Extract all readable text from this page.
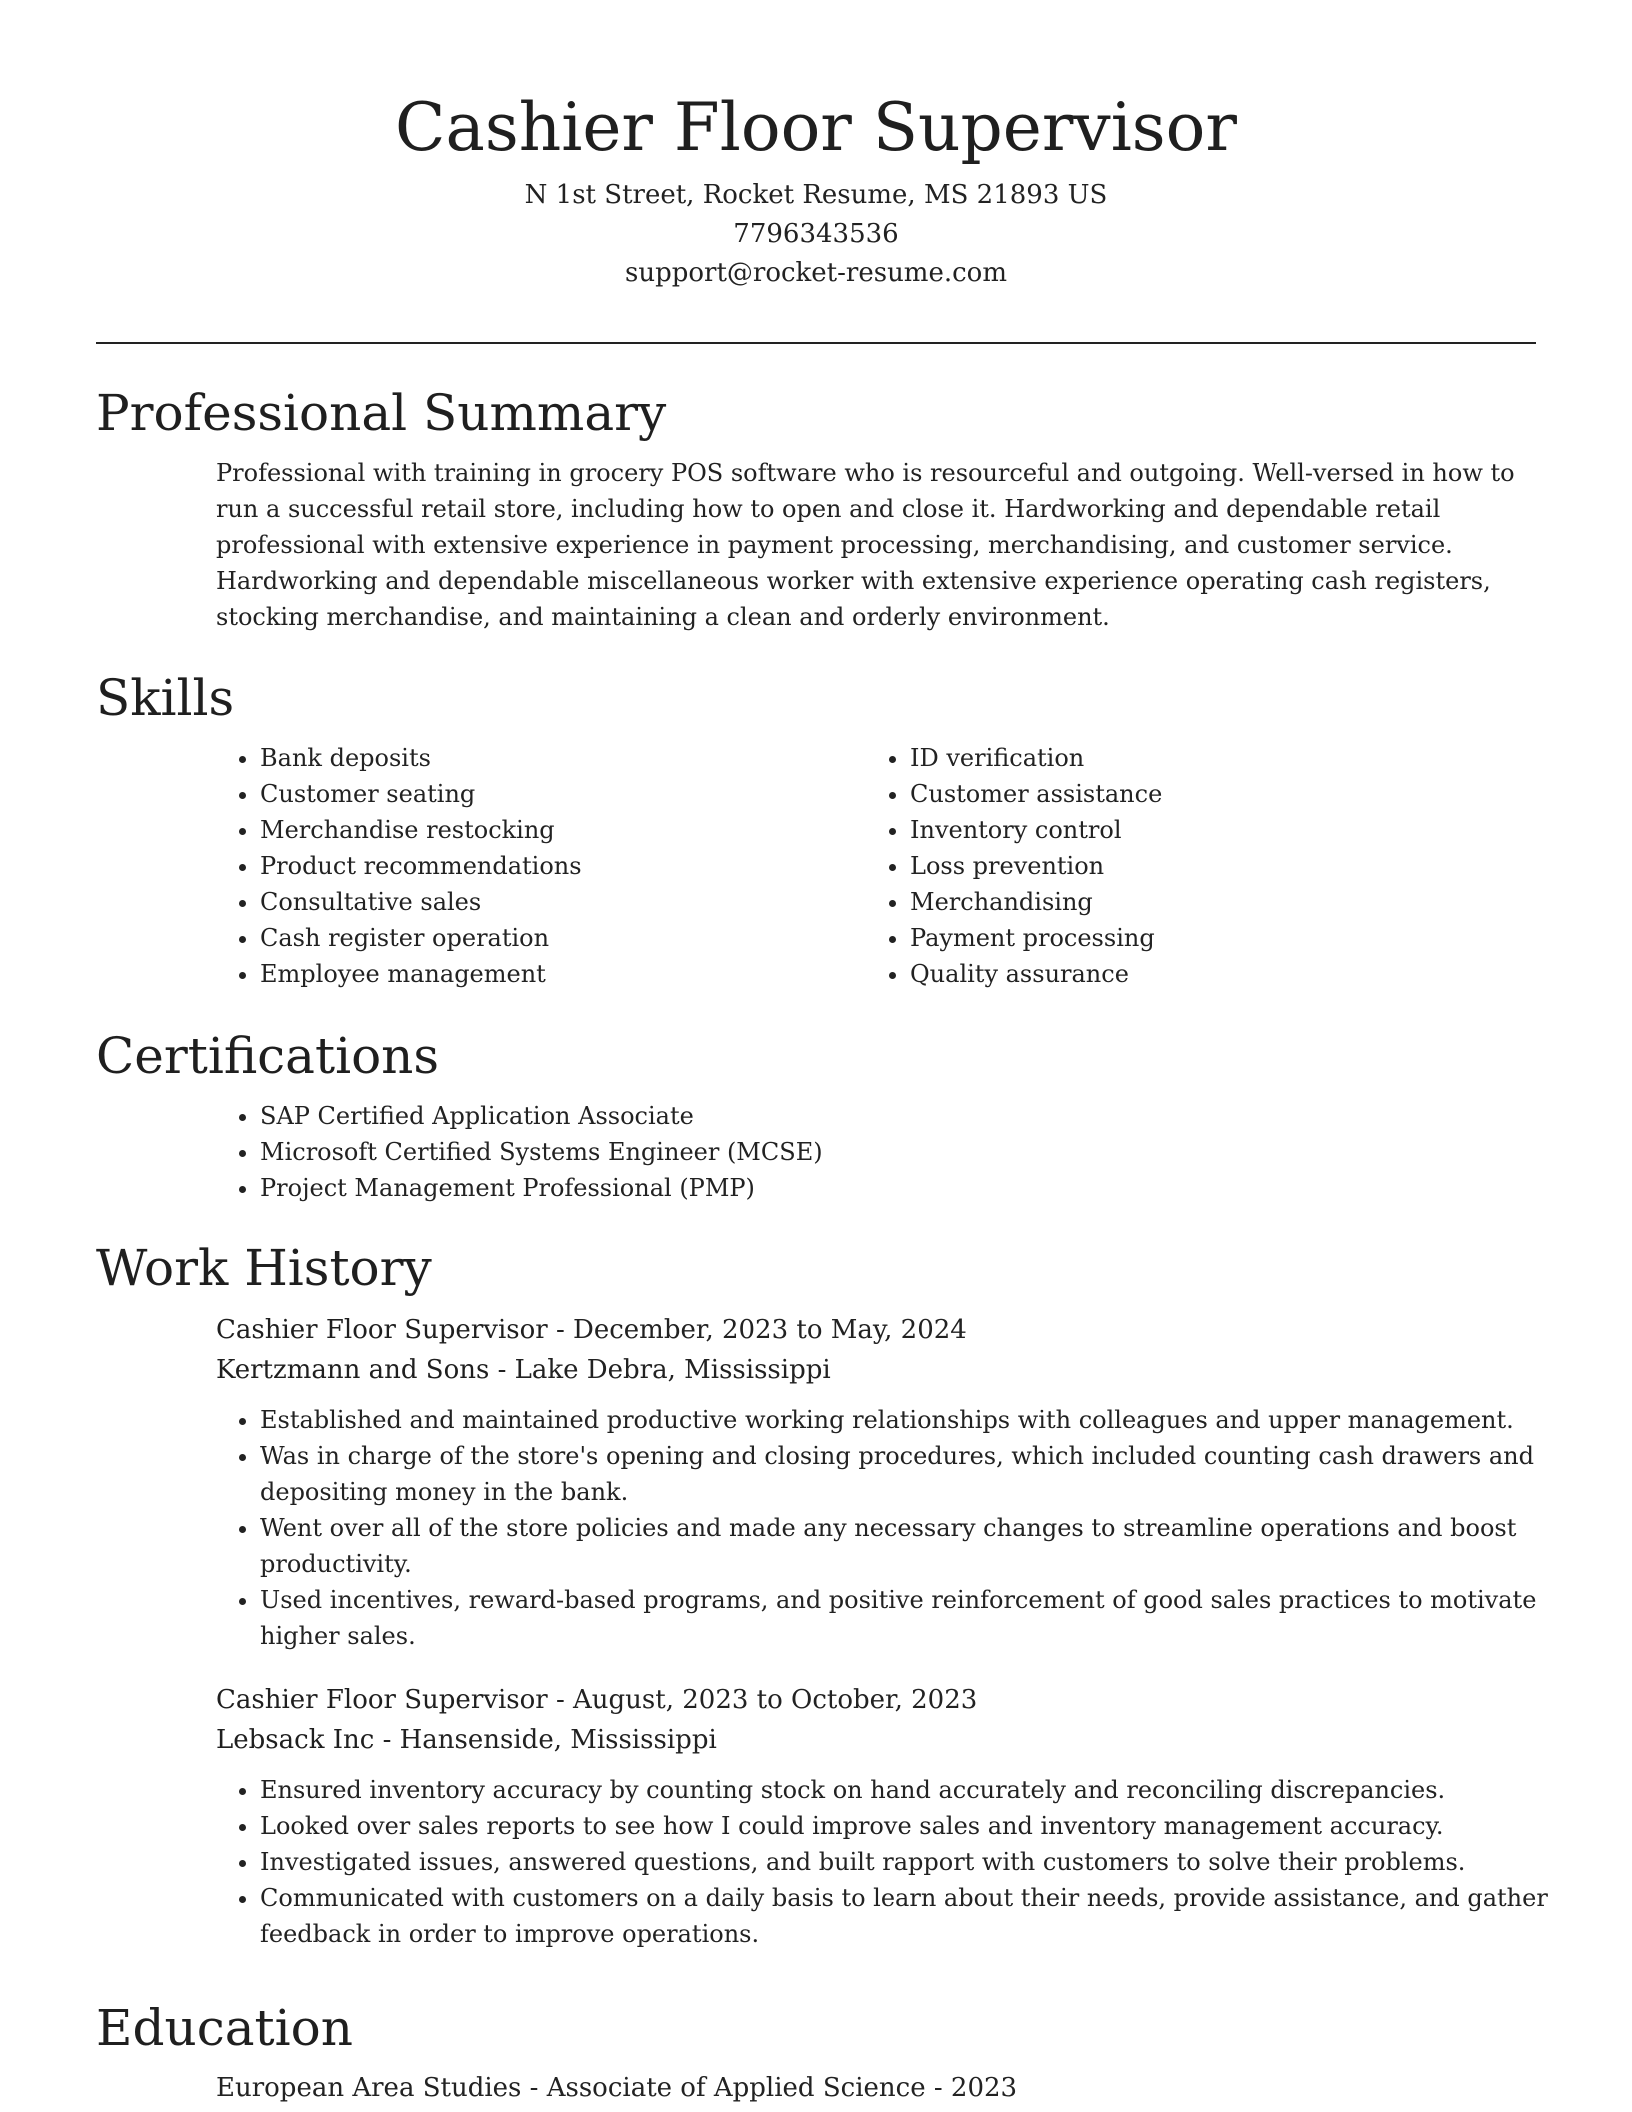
Cashier Floor Supervisor

N 1st Street, Rocket Resume, MS 21893 US

7796343536

support@rocket-resume.com

Professional Summary

Professional with training in grocery POS software who is resourceful and outgoing. Well-versed in how to run a successful retail store, including how to open and close it. Hardworking and dependable retail professional with extensive experience in payment processing, merchandising, and customer service. Hardworking and dependable miscellaneous worker with extensive experience operating cash registers, stocking merchandise, and maintaining a clean and orderly environment.

Skills
• Bank deposits
• Customer seating
• Merchandise restocking
• Product recommendations
• Consultative sales
• Cash register operation
• Employee management
• ID verification
• Customer assistance
• Inventory control
• Loss prevention
• Merchandising
• Payment processing
• Quality assurance
Certifications
• SAP Certified Application Associate
• Microsoft Certified Systems Engineer (MCSE)
• Project Management Professional (PMP)
Work History

Cashier Floor Supervisor - December, 2023 to May, 2024

Kertzmann and Sons - Lake Debra, Mississippi

• Established and maintained productive working relationships with colleagues and upper management.
• Was in charge of the store's opening and closing procedures, which included counting cash drawers and depositing money in the bank.
• Went over all of the store policies and made any necessary changes to streamline operations and boost productivity.
• Used incentives, reward-based programs, and positive reinforcement of good sales practices to motivate higher sales.

Cashier Floor Supervisor - August, 2023 to October, 2023

Lebsack Inc - Hansenside, Mississippi

• Ensured inventory accuracy by counting stock on hand accurately and reconciling discrepancies.
• Looked over sales reports to see how I could improve sales and inventory management accuracy.
• Investigated issues, answered questions, and built rapport with customers to solve their problems.
• Communicated with customers on a daily basis to learn about their needs, provide assistance, and gather feedback in order to improve operations.
Education

European Area Studies - Associate of Applied Science - 2023
